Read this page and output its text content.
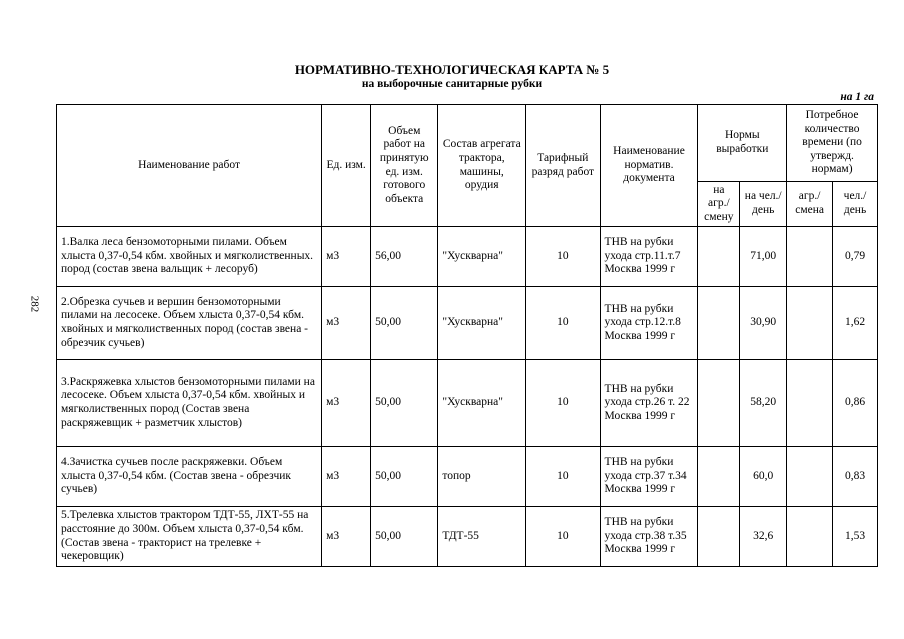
282
НОРМАТИВНО-ТЕХНОЛОГИЧЕСКАЯ КАРТА № 5
на выборочные санитарные рубки
на 1 га
Наименование работ	Ед. изм.	Объем работ на принятую ед. изм. готового объекта	Состав агрегата трактора, машины, орудия	Тарифный разряд работ	Наименование норматив. документа	Нормы выработки		Потребное количество времени (по утвержд. нормам)	
						на агр./ смену	на чел./ день	агр./ смена	чел./ день
1.Валка леса бензомоторными пилами. Объем хлыста 0,37-0,54 кбм. хвойных и мягколиственных. пород (состав звена вальщик + лесоруб)	м3	56,00	"Хускварна"	10	ТНВ на рубки ухода стр.11.т.7 Москва 1999 г		71,00		0,79
2.Обрезка сучьев и вершин бензомоторными пилами на лесосеке. Объем хлыста 0,37-0,54 кбм. хвойных и мягколиственных пород (состав звена - обрезчик сучьев)	м3	50,00	"Хускварна"	10	ТНВ на рубки ухода стр.12.т.8 Москва 1999 г		30,90		1,62
3.Раскряжевка хлыстов бензомоторными пилами на лесосеке. Объем хлыста 0,37-0,54 кбм. хвойных и мягколиственных пород (Состав звена раскряжевщик + разметчик хлыстов)	м3	50,00	"Хускварна"	10	ТНВ на рубки ухода стр.26 т. 22 Москва 1999 г		58,20		0,86
4.Зачистка сучьев после раскряжевки. Объем хлыста 0,37-0,54 кбм. (Состав звена - обрезчик сучьев)	м3	50,00	топор	10	ТНВ на рубки ухода стр.37 т.34 Москва 1999 г		60,0		0,83
5.Трелевка хлыстов трактором ТДТ-55, ЛХТ-55 на расстояние до 300м. Объем хлыста 0,37-0,54 кбм. (Состав звена - тракторист на трелевке + чекеровщик)	м3	50,00	ТДТ-55	10	ТНВ на рубки ухода стр.38 т.35 Москва 1999 г		32,6		1,53
